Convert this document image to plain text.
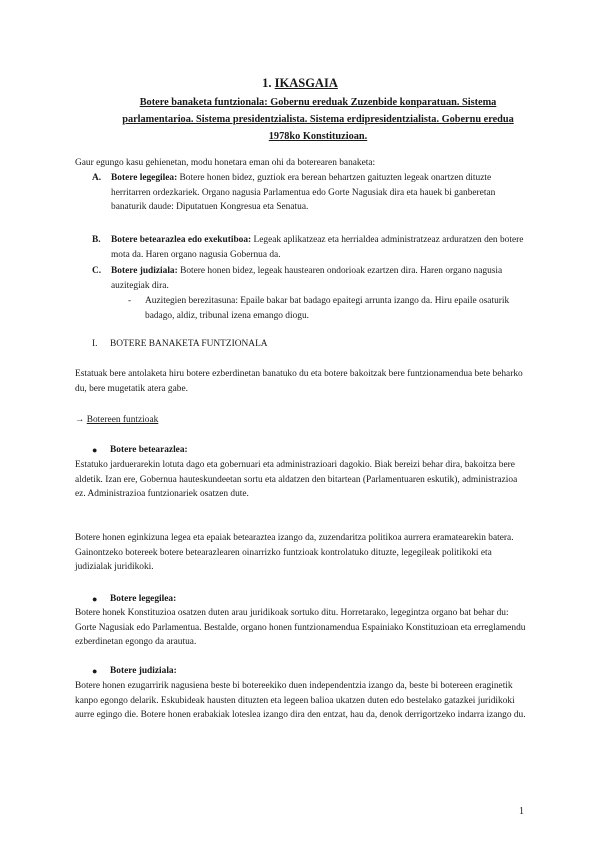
1. IKASGAIA
Botere banaketa funtzionala: Gobernu ereduak Zuzenbide konparatuan. Sistema parlamentarioa. Sistema presidentzialista. Sistema erdipresidentzialista. Gobernu eredua 1978ko Konstituzioan.
Gaur egungo kasu gehienetan, modu honetara eman ohi da boterearen banaketa:
A. Botere legegilea: Botere honen bidez, guztiok era berean behartzen gaituzten legeak onartzen dituzte herritarren ordezkariek. Organo nagusia Parlamentua edo Gorte Nagusiak dira eta hauek bi ganberetan banaturik daude: Diputatuen Kongresua eta Senatua.
B. Botere betearazlea edo exekutiboa: Legeak aplikatzeaz eta herrialdea administratzeaz arduratzen den botere mota da. Haren organo nagusia Gobernua da.
C. Botere judiziala: Botere honen bidez, legeak haustearen ondorioak ezartzen dira. Haren organo nagusia auzitegiak dira.
- Auzitegien berezitasuna: Epaile bakar bat badago epaitegi arrunta izango da. Hiru epaile osaturik badago, aldiz, tribunal izena emango diogu.
I. BOTERE BANAKETA FUNTZIONALA
Estatuak bere antolaketa hiru botere ezberdinetan banatuko du eta botere bakoitzak bere funtzionamendua bete beharko du, bere mugetatik atera gabe.
→ Botereen funtzioak
● Botere betearazlea:
Estatuko jarduerarekin lotuta dago eta gobernuari eta administrazioari dagokio. Biak bereizi behar dira, bakoitza bere aldetik. Izan ere, Gobernua hauteskundeetan sortu eta aldatzen den bitartean (Parlamentuaren eskutik), administrazioa ez. Administrazioa funtzionariek osatzen dute.
Botere honen eginkizuna legea eta epaiak betearaztea izango da, zuzendaritza politikoa aurrera eramatearekin batera. Gainontzeko botereek botere betearazlearen oinarrizko funtzioak kontrolatuko dituzte, legegileak politikoki eta judizialak juridikoki.
● Botere legegilea:
Botere honek Konstituzioa osatzen duten arau juridikoak sortuko ditu. Horretarako, legegintza organo bat behar du: Gorte Nagusiak edo Parlamentua. Bestalde, organo honen funtzionamendua Espainiako Konstituzioan eta erreglamendu ezberdinetan egongo da arautua.
● Botere judiziala:
Botere honen ezugarririk nagusiena beste bi botereekiko duen independentzia izango da, beste bi botereen eraginetik kanpo egongo delarik. Eskubideak hausten dituzten eta legeen balioa ukatzen duten edo bestelako gatazkei juridikoki aurre egingo die. Botere honen erabakiak loteslea izango dira den entzat, hau da, denok derrigortzeko indarra izango du.
1
